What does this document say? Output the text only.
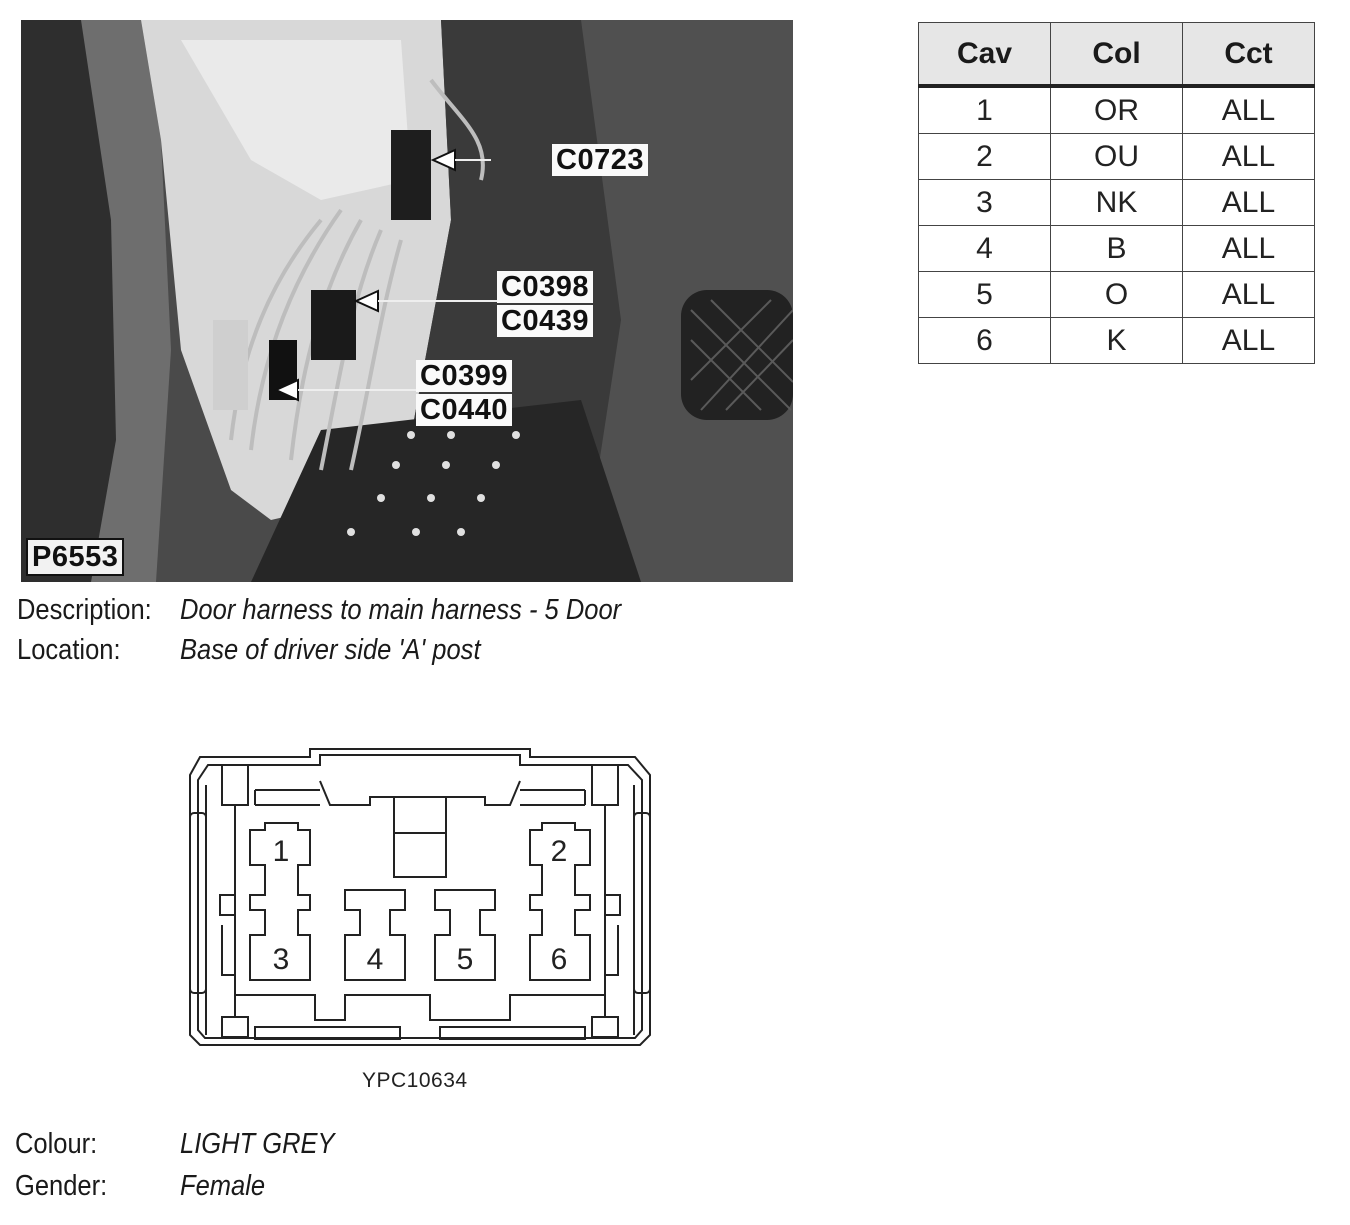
C0723
C0398
C0439
C0399
C0440
P6553
Cav	Col	Cct
1	OR	ALL
2	OU	ALL
3	NK	ALL
4	B	ALL
5	O	ALL
6	K	ALL
Description: Door harness to main harness - 5 Door
Location: Base of driver side 'A' post
1	2
3	4 5	6
YPC10634
Colour:	LIGHT GREY
Gender:	Female
